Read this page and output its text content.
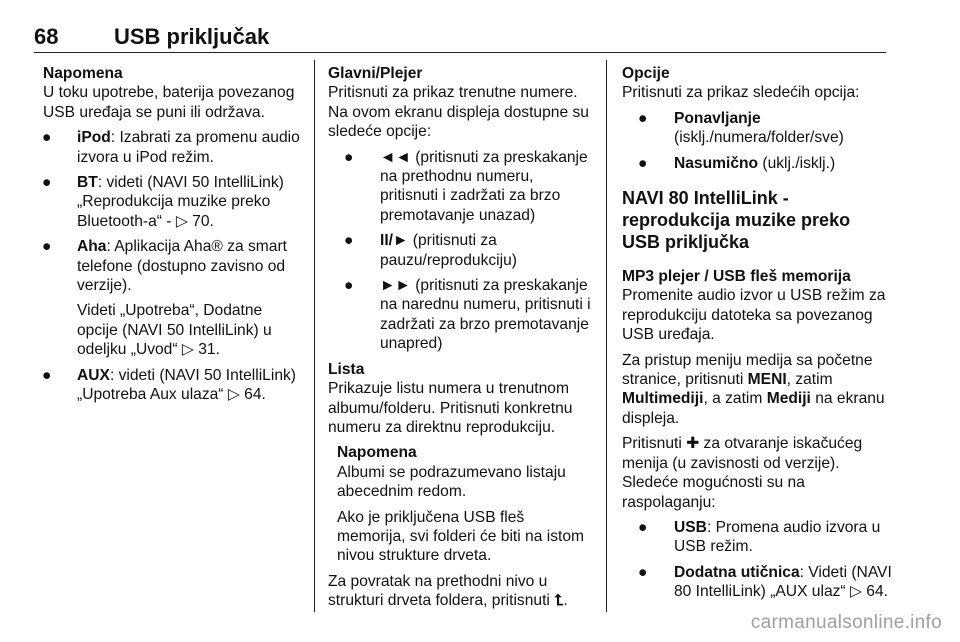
68	USB priključak
Napomena

U toku upotrebe, baterija povezanog USB uređaja se puni ili održava.

● iPod: Izabrati za promenu audio izvora u iPod režim.
● BT: videti (NAVI 50 IntelliLink) „Reprodukcija muzike preko Bluetooth-a“ - ▷ 70.
● Aha: Aplikacija Aha® za smart telefone (dostupno zavisno od verzije).
Videti „Upotreba“, Dodatne opcije (NAVI 50 IntelliLink) u odeljku „Uvod“ ▷ 31.
● AUX: videti (NAVI 50 IntelliLink) „Upotreba Aux ulaza“ ▷ 64.
Glavni/Plejer

Pritisnuti za prikaz trenutne numere. Na ovom ekranu displeja dostupne su sledeće opcije:

● ◄◄ (pritisnuti za preskakanje na prethodnu numeru, pritisnuti i zadržati za brzo premotavanje unazad)
● II/► (pritisnuti za pauzu/reprodukciju)
● ►► (pritisnuti za preskakanje na narednu numeru, pritisnuti i zadržati za brzo premotavanje unapred)
Lista

Prikazuje listu numera u trenutnom albumu/folderu. Pritisnuti konkretnu numeru za direktnu reprodukciju.

Napomena

Albumi se podrazumevano listaju abecednim redom.

Ako je priključena USB fleš memorija, svi folderi će biti na istom nivou strukture drveta.

Za povratak na prethodni nivo u strukturi drveta foldera, pritisnuti ⮤.

Opcije

Pritisnuti za prikaz sledećih opcija:

● Ponavljanje (isklj./numera/folder/sve)
● Nasumično (uklj./isklj.)
NAVI 80 IntelliLink - reprodukcija muzike preko USB priključka
MP3 plejer / USB fleš memorija

Promenite audio izvor u USB režim za reprodukciju datoteka sa povezanog USB uređaja.

Za pristup meniju medija sa početne stranice, pritisnuti MENI, zatim Multimediji, a zatim Mediji na ekranu displeja.

Pritisnuti ✚ za otvaranje iskačućeg menija (u zavisnosti od verzije). Sledeće mogućnosti su na raspolaganju:

● USB: Promena audio izvora u USB režim.
● Dodatna utičnica: Videti (NAVI 80 IntelliLink) „AUX ulaz“ ▷ 64.
carmanualsonline.info
